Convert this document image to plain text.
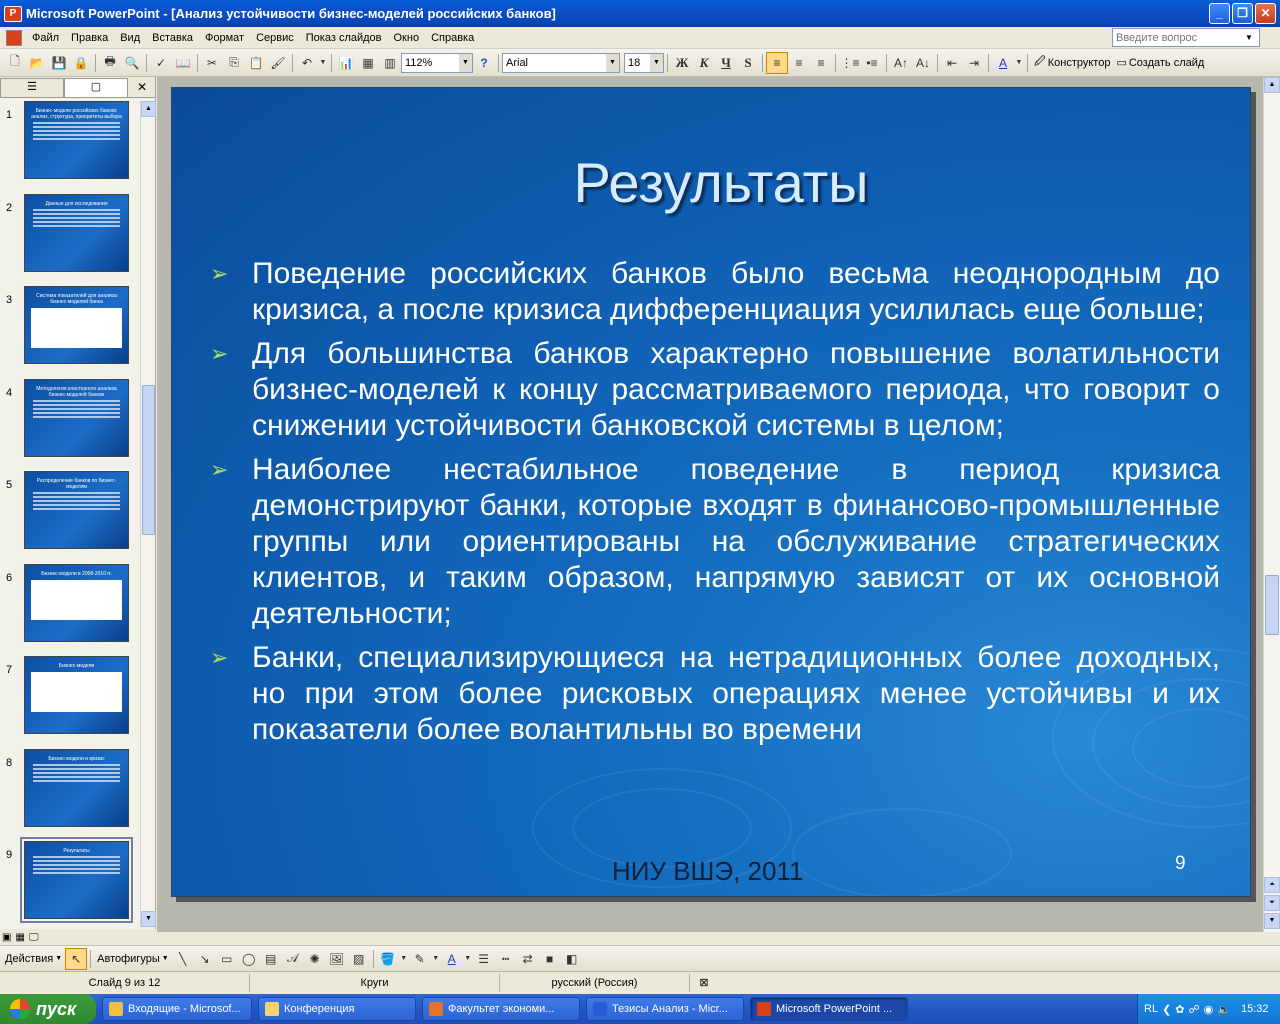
P Microsoft PowerPoint - [Анализ устойчивости бизнес-моделей российских банков]	_	❐	✕
Файл	Правка	Вид	Вставка	Формат	Сервис	Показ слайдов	Окно	Справка
Введите вопрос	▼
🗋 📂 💾 🔒	🖶 🔍	✓ 📖	✂	⎘ 📋 🖌	↶	▼ 📊 ▦ ▥ 112%	▼ ?	Arial	▼ 18	▼	Ж К Ч	S	≡	≡	≡	⋮≡ •≡	A↑ A↓	⇤ ⇥	A	▼ 🖉 Конструктор ▭ Создать слайд
☰	▢	✕
1	Бизнес-модели российских банков: анализ, структура, приоритеты выбора
2	Данные для исследования
3	Система показателей для анализа бизнес-моделей банка
4	Методология кластерного анализа бизнес-моделей банков
5	Распределение банков по бизнес-моделям
6	Бизнес-модели в 2008-2010 гг.
7	Бизнес-модели
8	Бизнес-модели и кризис
9	Результаты
▲
▼
Результаты
➢ Поведение российских банков было весьма неоднородным до кризиса, а после кризиса дифференциация усилилась еще больше;
➢ Для большинства банков характерно повышение волатильности бизнес-моделей к концу рассматриваемого периода, что говорит о снижении устойчивости банковской системы в целом;
➢ Наиболее нестабильное поведение в период кризиса демонстрируют банки, которые входят в финансово-промышленные группы или ориентированы на обслуживание стратегических клиентов, и таким образом, напрямую зависят от их основной деятельности;
➢ Банки, специализирующиеся на нетрадиционных более доходных, но при этом более рисковых операциях менее устойчивы и их показатели более волантильны во времени
НИУ ВШЭ, 2011	9
▲
⏶
⏷
▼
▣ ▦ 🖵
Действия ▼ ↖	Автофигуры ▼ ╲	↘ ▭ ◯ ▤ 𝒜 ✺ 🖼 ▨	🪣 ▼ ✎	▼ A	▼ ☰	┅	⇄	■	◧
Слайд 9 из 12	Круги	русский (Россия)	⊠
пуск	Входящие - Microsof...	Конференция	Факультет экономи...	Тезисы Анализ - Micr...	Microsoft PowerPoint ...	RL ❮ ✿ ☍ ◉ 🔈 15:32
